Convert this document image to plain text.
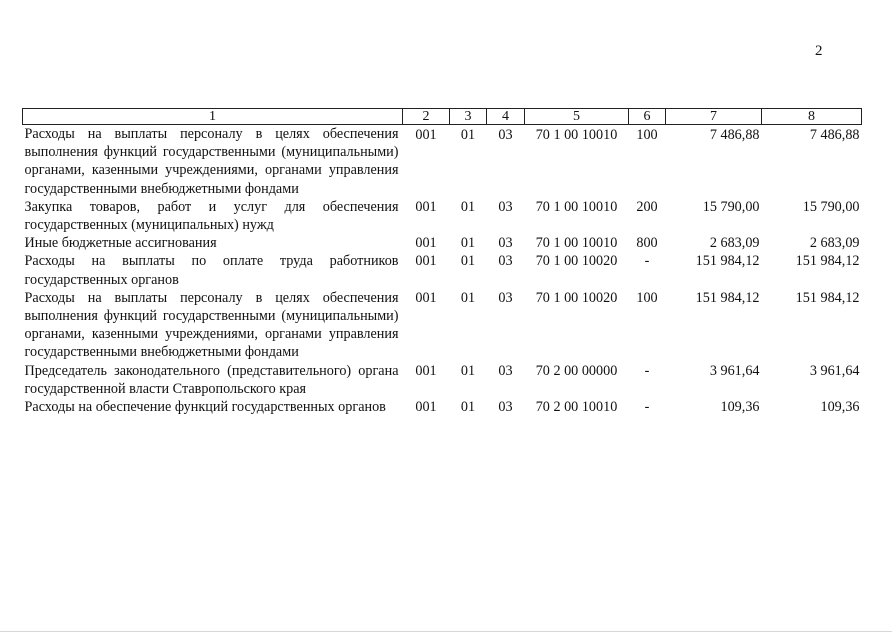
2
1	2	3	4	5	6	7	8
Расходы на выплаты персоналу в целях обеспечения выполнения функций государственными (муниципальными) органами, казенными учреждениями, органами управления государственными внебюджетными фондами	001	01	03	70 1 00 10010	100	7 486,88	7 486,88
Закупка товаров, работ и услуг для обеспечения государственных (муниципальных) нужд	001	01	03	70 1 00 10010	200	15 790,00	15 790,00
Иные бюджетные ассигнования	001	01	03	70 1 00 10010	800	2 683,09	2 683,09
Расходы на выплаты по оплате труда работников государственных органов	001	01	03	70 1 00 10020	-	151 984,12	151 984,12
Расходы на выплаты персоналу в целях обеспечения выполнения функций государственными (муниципальными) органами, казенными учреждениями, органами управления государственными внебюджетными фондами	001	01	03	70 1 00 10020	100	151 984,12	151 984,12
Председатель законодательного (представительного) органа государственной власти Ставропольского края	001	01	03	70 2 00 00000	-	3 961,64	3 961,64
Расходы на обеспечение функций государственных органов	001	01	03	70 2 00 10010	-	109,36	109,36
